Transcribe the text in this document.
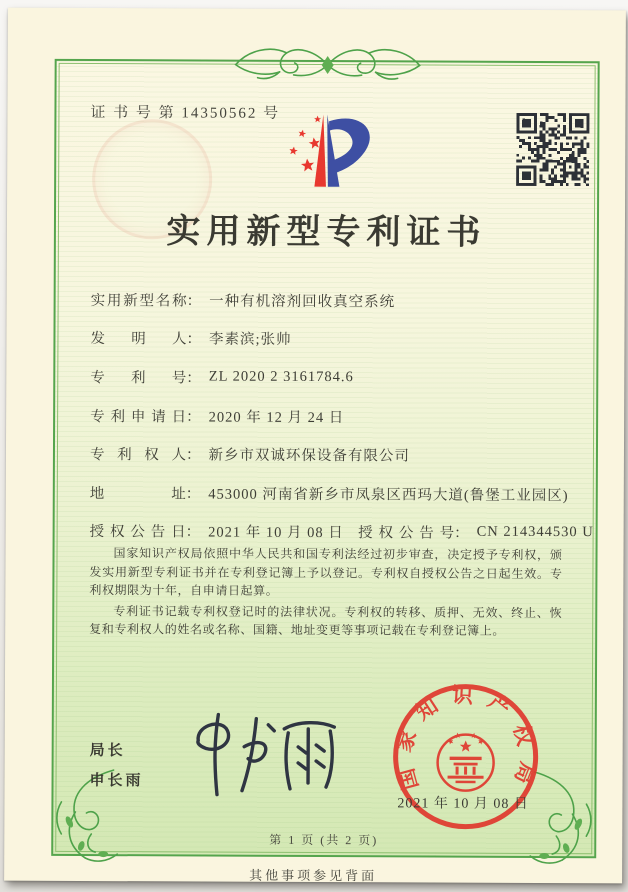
证 书 号 第 14350562 号
实用新型专利证书
实用新型名称 ： 一种有机溶剂回收真空系统
发明人 ： 李素滨;张帅
专利号 ： ZL 2020 2 3161784.6
专利申请日 ： 2020 年 12 月 24 日
专利权人 ： 新乡市双诚环保设备有限公司
地址 ： 453000 河南省新乡市凤泉区西玛大道(鲁堡工业园区)
授权公告日 ： 2021 年 10 月 08 日 授权公告号 ： CN 214344530 U

国家知识产权局依照中华人民共和国专利法经过初步审查，决定授予专利权，颁发实用新型专利证书并在专利登记簿上予以登记。专利权自授权公告之日起生效。专利权期限为十年，自申请日起算。

专利证书记载专利权登记时的法律状况。专利权的转移、质押、无效、终止、恢复和专利权人的姓名或名称、国籍、地址变更等事项记载在专利登记簿上。

局长
申长雨	国家知识产权局
2021 年 10 月 08 日
第 1 页 (共 2 页)
其他事项参见背面
